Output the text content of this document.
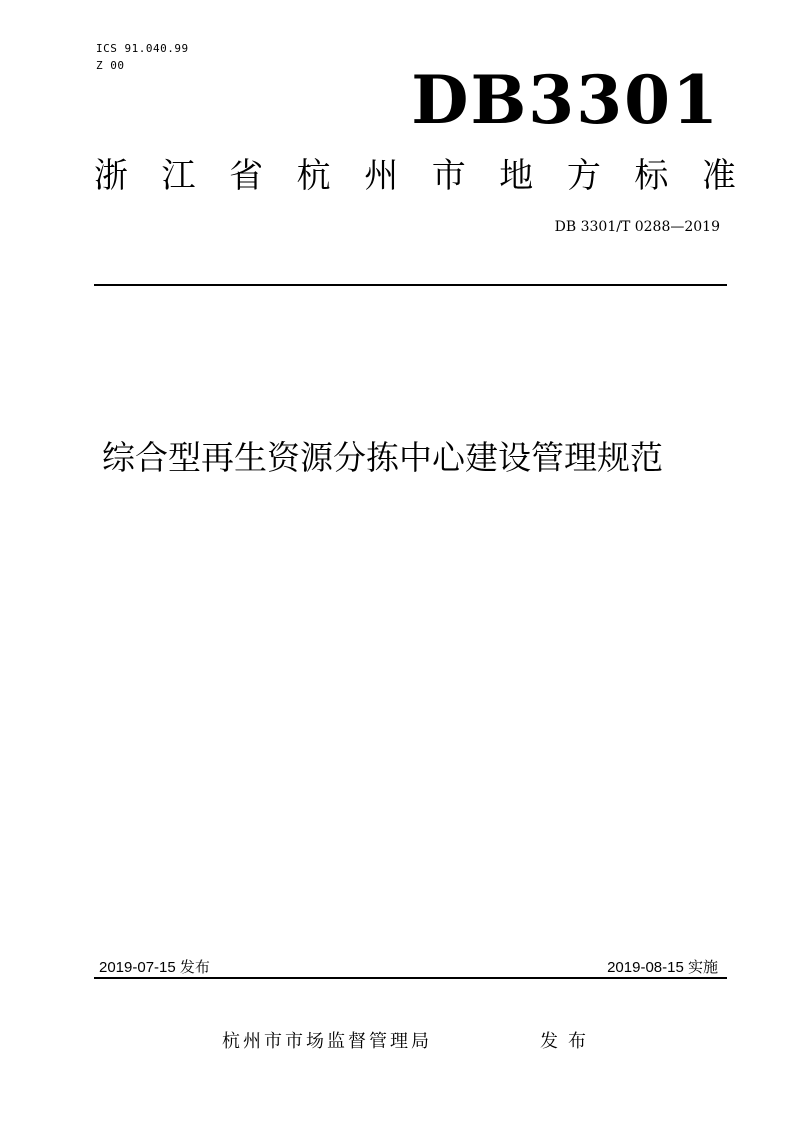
ICS 91.040.99
Z 00	DB3301
浙 江 省 杭 州 市 地 方 标 准
DB 3301/T 0288—2019
综合型再生资源分拣中心建设管理规范
2019-07-15 发布	2019-08-15 实施
杭州市市场监督管理局	发布
